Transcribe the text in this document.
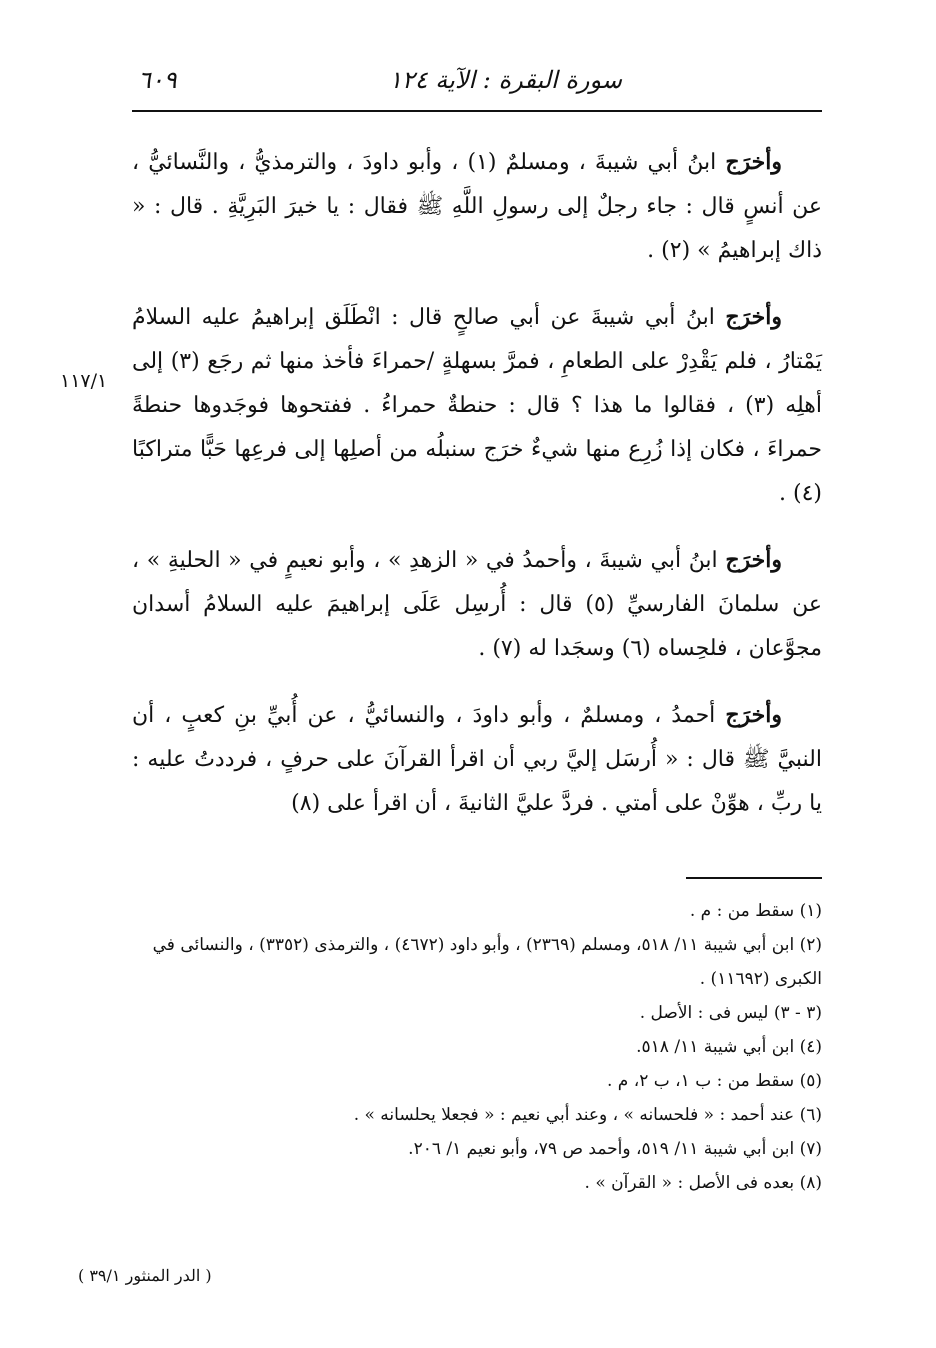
سورة البقرة : الآية ١٢٤
٦٠٩
١١٧/١

وأخرَج ابنُ أبي شيبةَ ، ومسلمٌ (١) ، وأبو داودَ ، والترمذيُّ ، والنَّسائيُّ ، عن أنسٍ قال : جاء رجلٌ إلى رسولِ اللَّهِ ﷺ فقال : يا خيرَ البَرِيَّةِ . قال : « ذاك إبراهيمُ » (٢) .

وأخرَج ابنُ أبي شيبةَ عن أبي صالحٍ قال : انْطَلَق إبراهيمُ عليه السلامُ يَمْتارُ ، فلم يَقْدِرْ على الطعامِ ، فمرَّ بسهلةٍ /حمراءَ فأخذ منها ثم رجَع (٣) إلى أهلِه (٣) ، فقالوا ما هذا ؟ قال : حنطةٌ حمراءُ . ففتحوها فوجَدوها حنطةً حمراءَ ، فكان إذا زُرِع منها شيءٌ خرَج سنبلُه من أصلِها إلى فرعِها حَبًّا متراكبًا (٤) .

وأخرَج ابنُ أبي شيبةَ ، وأحمدُ في « الزهدِ » ، وأبو نعيمٍ في « الحليةِ » ، عن سلمانَ الفارسيِّ (٥) قال : أُرسِل عَلَى إبراهيمَ عليه السلامُ أسدان مجوَّعان ، فلحِساه (٦) وسجَدا له (٧) .

وأخرَج أحمدُ ، ومسلمٌ ، وأبو داودَ ، والنسائيُّ ، عن أُبيِّ بنِ كعبٍ ، أن النبيَّ ﷺ قال : « أُرسَل إليَّ ربي أن اقرأ القرآنَ على حرفٍ ، فرددتُ عليه : يا ربِّ ، هوِّنْ على أمتي . فردَّ عليَّ الثانيةَ ، أن اقرأ على (٨)

(١) سقط من : م .

(٢) ابن أبي شيبة ١١/ ٥١٨، ومسلم (٢٣٦٩) ، وأبو داود (٤٦٧٢) ، والترمذى (٣٣٥٢) ، والنسائى في الكبرى (١١٦٩٢) .

(٣ - ٣) ليس فى : الأصل .

(٤) ابن أبي شيبة ١١/ ٥١٨.

(٥) سقط من : ب ١، ب ٢، م .

(٦) عند أحمد : « فلحسانه » ، وعند أبي نعيم : « فجعلا يحلسانه » .

(٧) ابن أبي شيبة ١١/ ٥١٩، وأحمد ص ٧٩، وأبو نعيم ١/ ٢٠٦.

(٨) بعده فى الأصل : « القرآن » .

( الدر المنثور ٣٩/١ )
